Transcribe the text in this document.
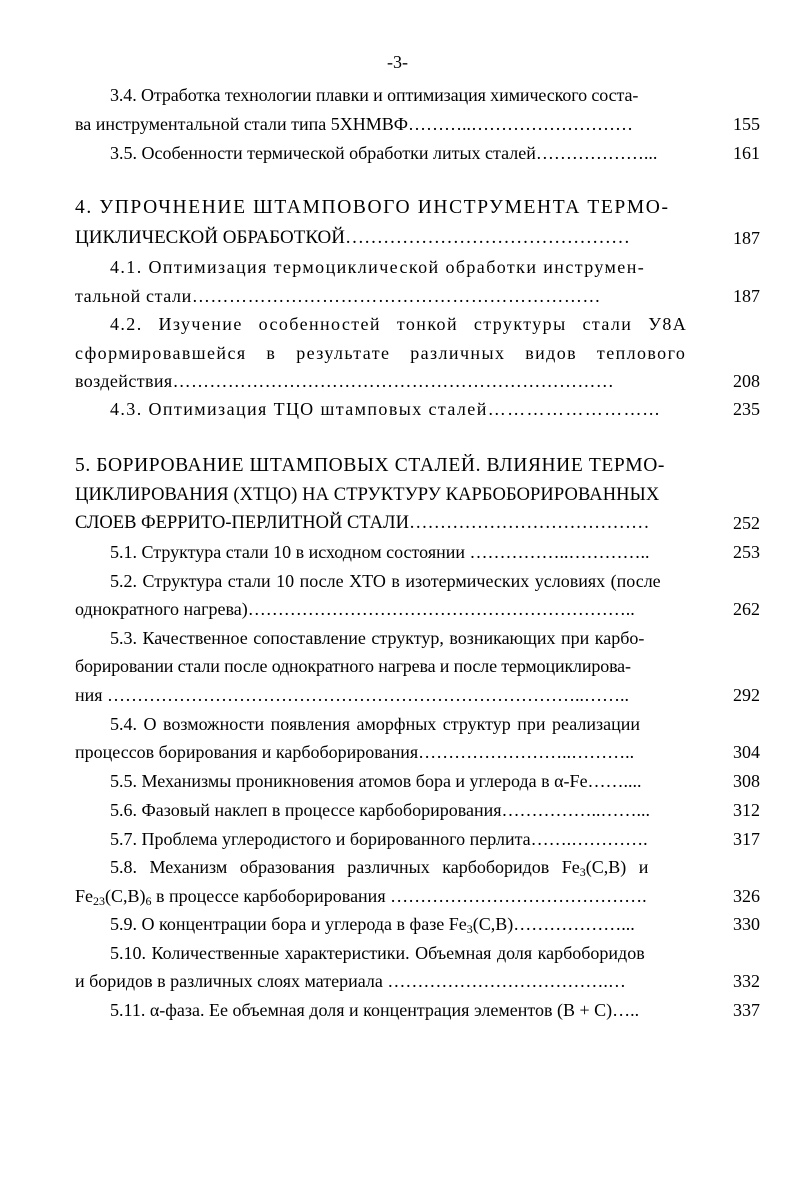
-3-
3.4. Отработка технологии плавки и оптимизация химического соста-
ва инструментальной стали типа 5ХНМВФ………..………………………	155
3.5. Особенности термической обработки литых сталей………………...	161
4. УПРОЧНЕНИЕ ШТАМПОВОГО ИНСТРУМЕНТА ТЕРМО-
ЦИКЛИЧЕСКОЙ ОБРАБОТКОЙ………………………………………	187
4.1. Оптимизация термоциклической обработки инструмен-
тальной стали…………………………………………………………	187
4.2. Изучение особенностей тонкой структуры стали У8А
сформировавшейся в результате различных видов теплового
воздействия………………………………………………………………	208
4.3. Оптимизация ТЦО штамповых сталей……………………...	235
5. БОРИРОВАНИЕ ШТАМПОВЫХ СТАЛЕЙ. ВЛИЯНИЕ ТЕРМО-
ЦИКЛИРОВАНИЯ (ХТЦО) НА СТРУКТУРУ КАРБОБОРИРОВАННЫХ
СЛОЕВ ФЕРРИТО-ПЕРЛИТНОЙ СТАЛИ…………………………………	252
5.1. Структура стали 10 в исходном состоянии ……………..…………..	253
5.2. Структура стали 10 после ХТО в изотермических условиях (после
однократного нагрева)………………………………………………………..	262
5.3. Качественное сопоставление структур, возникающих при карбо-
борировании стали после однократного нагрева и после термоциклирова-
ния ……………………………………………………………………..……..	292
5.4. О возможности появления аморфных структур при реализации
процессов борирования и карбоборирования……………………..………..	304
5.5. Механизмы проникновения атомов бора и углерода в α-Fe……....	308
5.6. Фазовый наклеп в процессе карбоборирования……………..……...	312
5.7. Проблема углеродистого и борированного перлита…….………….	317
5.8. Механизм образования различных карбоборидов $Fe_3(C,B)$ и
$Fe_{23}(C,B)_6$ в процессе карбоборирования …………………………………….	326
5.9. О концентрации бора и углерода в фазе $Fe_3(C,B)\dots\dots\dots\dots\dots\dots$...	330
5.10. Количественные характеристики. Объемная доля карбоборидов
и боридов в различных слоях материала ……………………………….…	332
5.11. α-фаза. Ее объемная доля и концентрация элементов (B + C)…..	337
